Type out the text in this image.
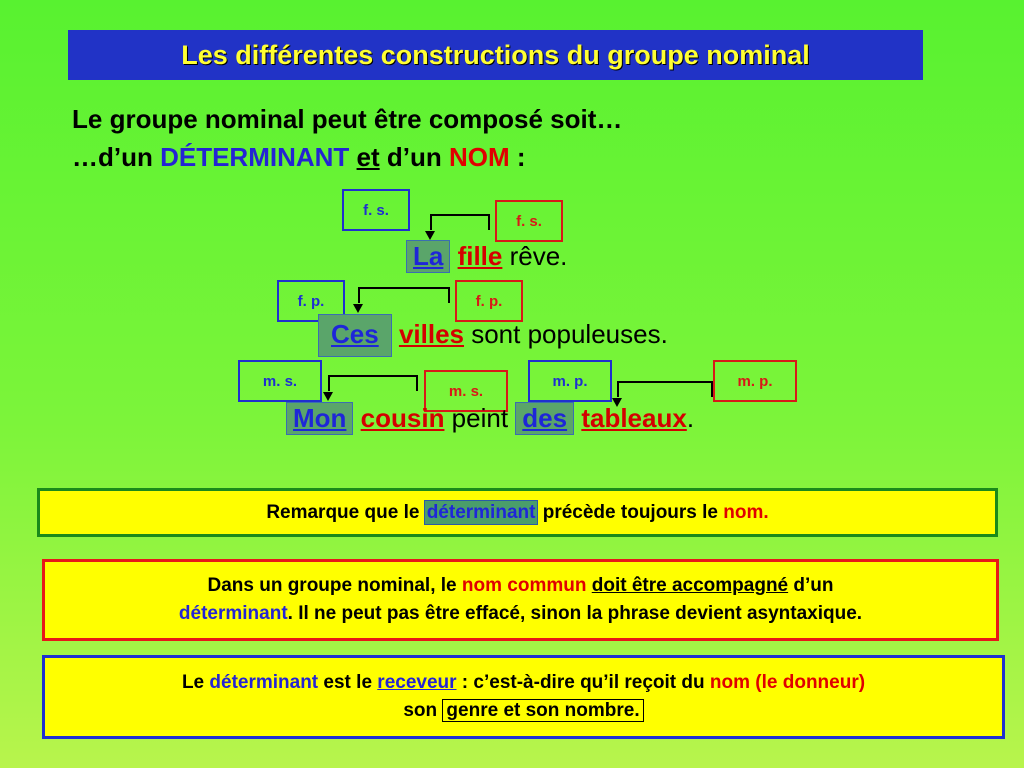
Les différentes constructions du groupe nominal
Le groupe nominal peut être composé soit…
…d’un DÉTERMINANT et d’un NOM :
f. s.
f. s.
La fille rêve.
f. p.	f. p.
Ces villes sont populeuses.
m. s.
m. s.
m. p.	m. p.
Mon cousin peint des tableaux.
Remarque que le déterminant précède toujours le nom.
Dans un groupe nominal, le nom commun doit être accompagné d’un
déterminant. Il ne peut pas être effacé, sinon la phrase devient asyntaxique.
Le déterminant est le receveur : c’est-à-dire qu’il reçoit du nom (le donneur)
son genre et son nombre.
